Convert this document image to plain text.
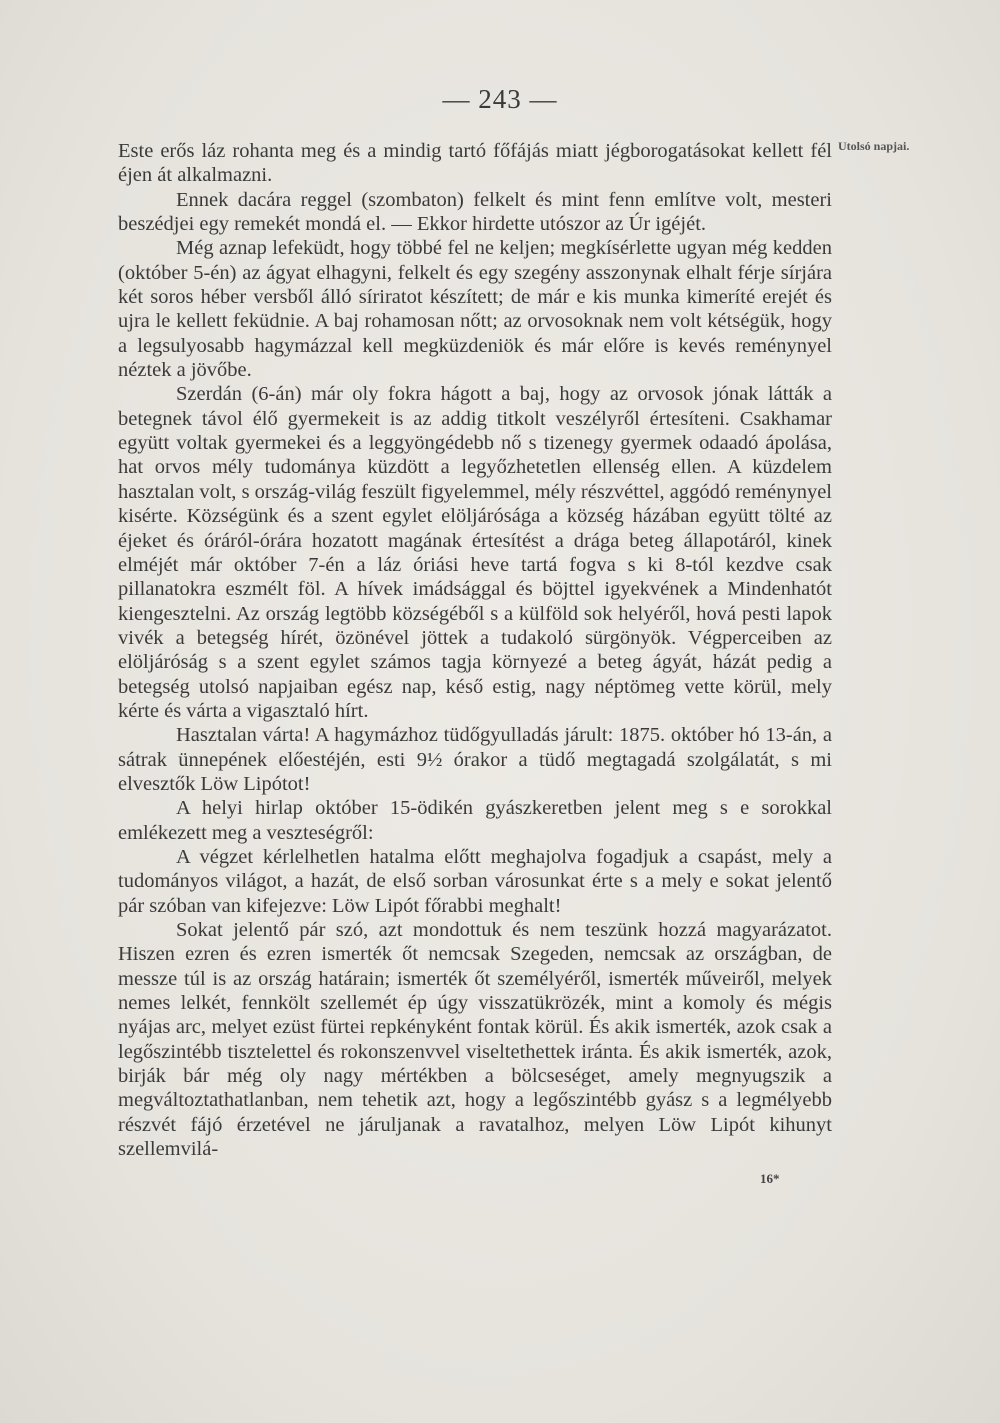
— 243 —
Utolsó napjai.

Este erős láz rohanta meg és a mindig tartó főfájás miatt jégborogatásokat kellett fél éjen át alkalmazni.

Ennek dacára reggel (szombaton) felkelt és mint fenn említve volt, mesteri beszédjei egy remekét mondá el. — Ekkor hirdette utószor az Úr igéjét.

Még aznap lefeküdt, hogy többé fel ne keljen; megkísérlette ugyan még kedden (október 5-én) az ágyat elhagyni, felkelt és egy szegény asszonynak elhalt férje sírjára két soros héber versből álló síriratot készített; de már e kis munka kimeríté erejét és ujra le kellett feküdnie. A baj rohamosan nőtt; az orvosoknak nem volt kétségük, hogy a legsulyosabb hagymázzal kell megküzdeniök és már előre is kevés reménynyel néztek a jövőbe.

Szerdán (6-án) már oly fokra hágott a baj, hogy az orvosok jónak látták a betegnek távol élő gyermekeit is az addig titkolt veszélyről értesíteni. Csakhamar együtt voltak gyermekei és a leggyöngédebb nő s tizenegy gyermek odaadó ápolása, hat orvos mély tudománya küzdött a legyőzhetetlen ellenség ellen. A küzdelem hasztalan volt, s ország-világ feszült figyelemmel, mély részvéttel, aggódó reménynyel kisérte. Községünk és a szent egylet elöljárósága a község házában együtt tölté az éjeket és óráról-órára hozatott magának értesítést a drága beteg állapotáról, kinek elméjét már október 7-én a láz óriási heve tartá fogva s ki 8-tól kezdve csak pillanatokra eszmélt föl. A hívek imádsággal és böjttel igyekvének a Mindenhatót kiengesztelni. Az ország legtöbb községéből s a külföld sok helyéről, hová pesti lapok vivék a betegség hírét, özönével jöttek a tudakoló sürgönyök. Végperceiben az elöljáróság s a szent egylet számos tagja környezé a beteg ágyát, házát pedig a betegség utolsó napjaiban egész nap, késő estig, nagy néptömeg vette körül, mely kérte és várta a vigasztaló hírt.

Hasztalan várta! A hagymázhoz tüdőgyulladás járult: 1875. október hó 13-án, a sátrak ünnepének előestéjén, esti 9½ órakor a tüdő megtagadá szolgálatát, s mi elvesztők Löw Lipótot!

A helyi hirlap október 15-ödikén gyászkeretben jelent meg s e sorokkal emlékezett meg a veszteségről:

A végzet kérlelhetlen hatalma előtt meghajolva fogadjuk a csapást, mely a tudományos világot, a hazát, de első sorban városunkat érte s a mely e sokat jelentő pár szóban van kifejezve: Löw Lipót főrabbi meghalt!

Sokat jelentő pár szó, azt mondottuk és nem teszünk hozzá magyarázatot. Hiszen ezren és ezren ismerték őt nemcsak Szegeden, nemcsak az országban, de messze túl is az ország határain; ismerték őt személyéről, ismerték műveiről, melyek nemes lelkét, fennkölt szellemét ép úgy visszatükrözék, mint a komoly és mégis nyájas arc, melyet ezüst fürtei repkényként fontak körül. És akik ismerték, azok csak a legőszintébb tisztelettel és rokonszenvvel viseltethettek iránta. És akik ismerték, azok, birják bár még oly nagy mértékben a bölcseséget, amely megnyugszik a megváltoztathatlanban, nem tehetik azt, hogy a legőszintébb gyász s a legmélyebb részvét fájó érzetével ne járuljanak a ravatalhoz, melyen Löw Lipót kihunyt szellemvilá-

16*
